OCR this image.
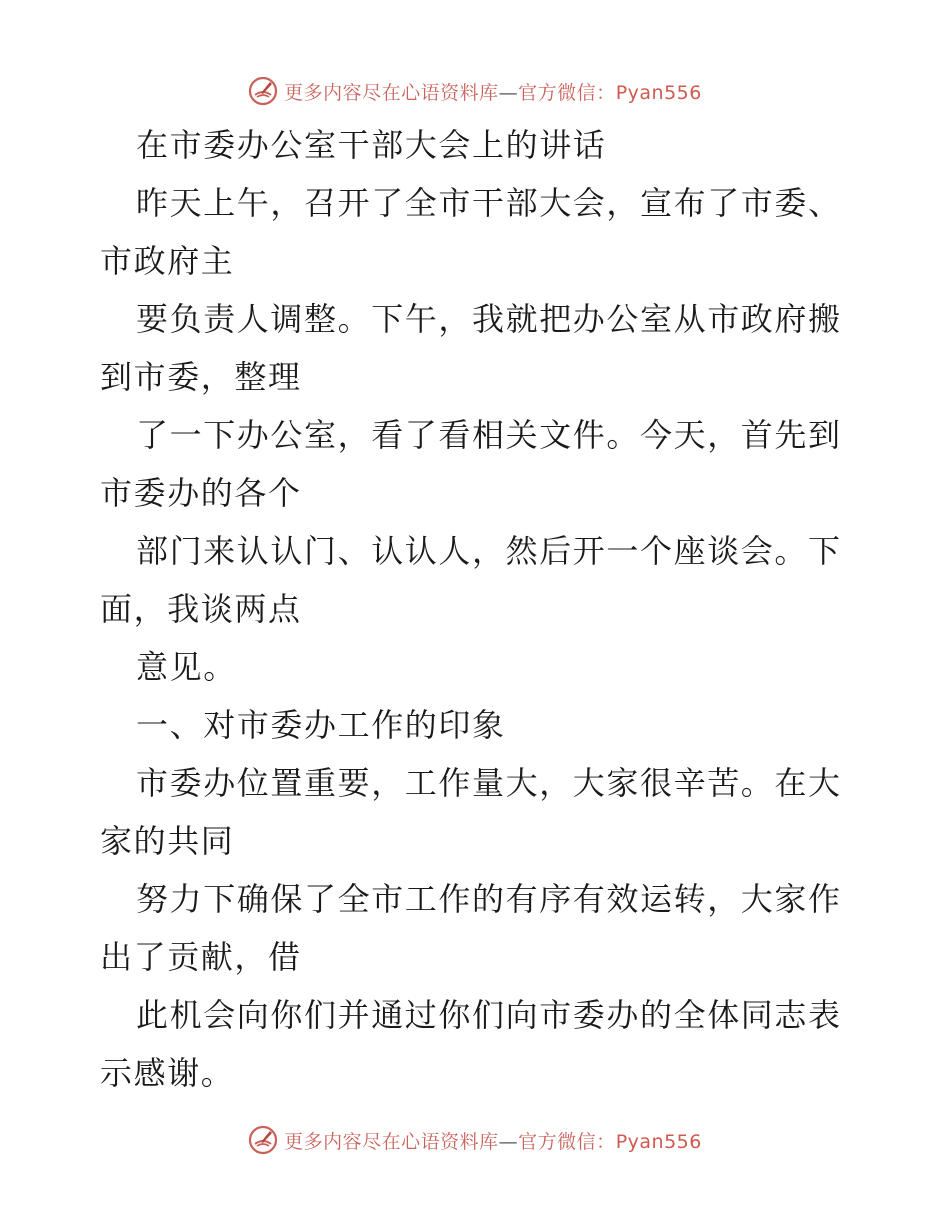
更多内容尽在心语资料库—官方微信：Pyan556
在市委办公室干部大会上的讲话
昨天上午，召开了全市干部大会，宣布了市委、
市政府主
要负责人调整。下午，我就把办公室从市政府搬
到市委，整理
了一下办公室，看了看相关文件。今天，首先到
市委办的各个
部门来认认门、认认人，然后开一个座谈会。下
面，我谈两点
意见。
一、对市委办工作的印象
市委办位置重要，工作量大，大家很辛苦。在大
家的共同
努力下确保了全市工作的有序有效运转，大家作
出了贡献，借
此机会向你们并通过你们向市委办的全体同志表
示感谢。
更多内容尽在心语资料库—官方微信：Pyan556
